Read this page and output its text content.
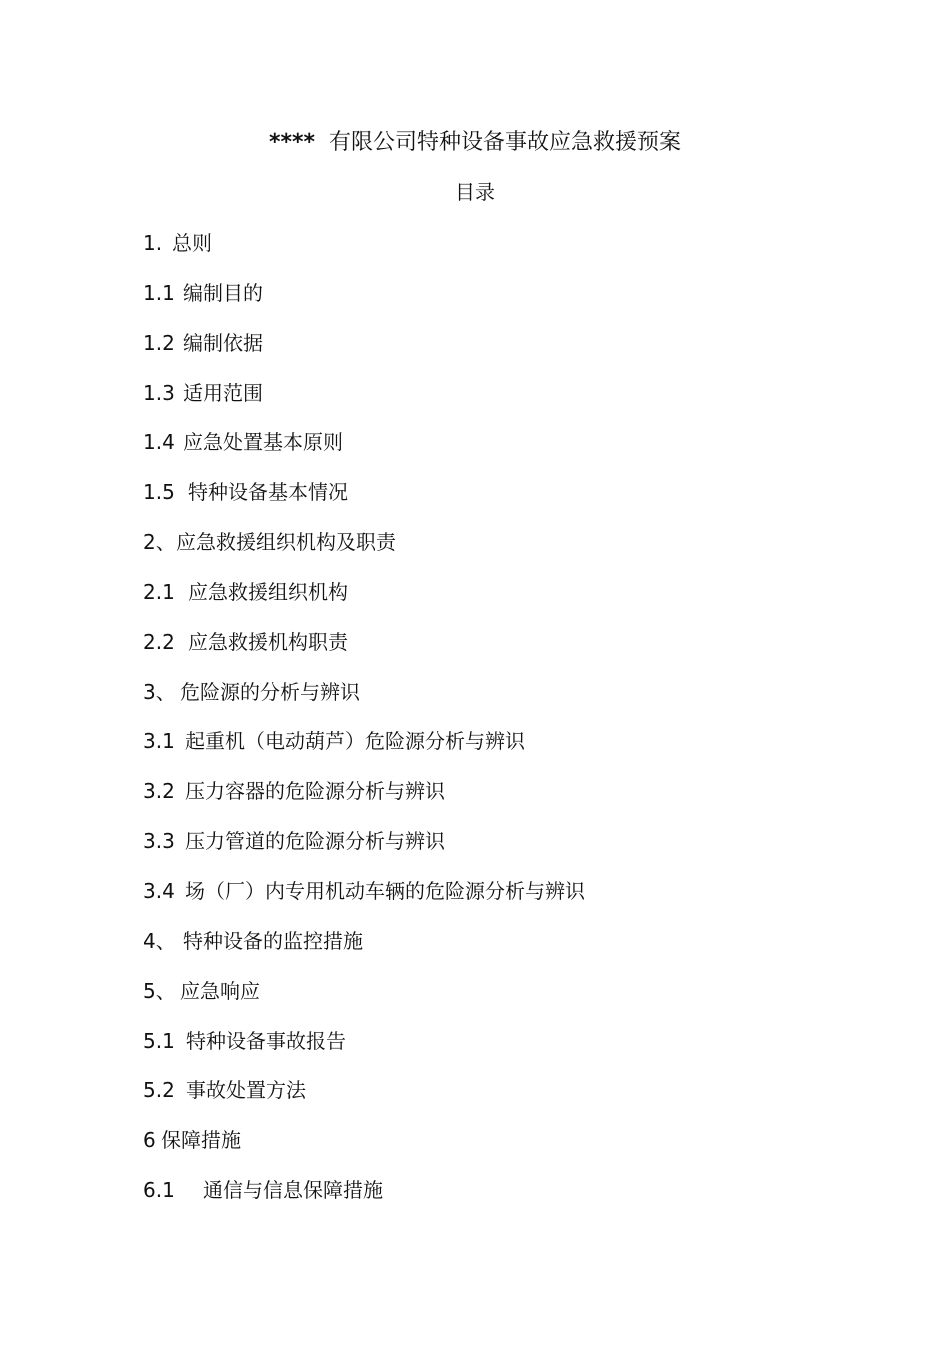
**** 有限公司特种设备事故应急救援预案
目录
1. 总则
1.1 编制目的
1.2 编制依据
1.3 适用范围
1.4 应急处置基本原则
1.5 特种设备基本情况
2、 应急救援组织机构及职责
2.1 应急救援组织机构
2.2 应急救援机构职责
3、 危险源的分析与辨识
3.1 起重机（电动葫芦）危险源分析与辨识
3.2 压力容器的危险源分析与辨识
3.3 压力管道的危险源分析与辨识
3.4 场（厂）内专用机动车辆的危险源分析与辨识
4、 特种设备的监控措施
5、 应急响应
5.1 特种设备事故报告
5.2 事故处置方法
6 保障措施
6.1	通信与信息保障措施
